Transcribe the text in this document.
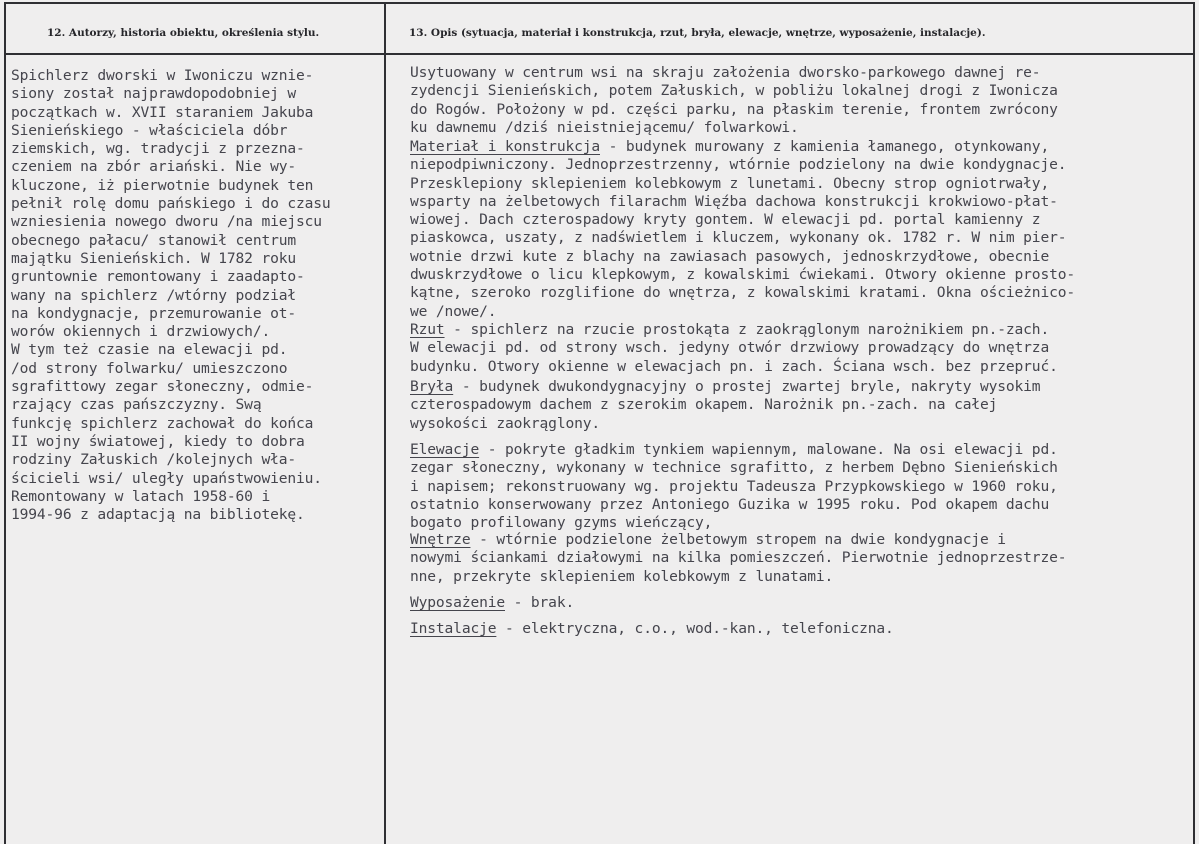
12. Autorzy, historia obiektu, określenia stylu.	13. Opis (sytuacja, materiał i konstrukcja, rzut, bryła, elewacje, wnętrze, wyposażenie, instalacje).
Spichlerz dworski w Iwoniczu wznie-
siony został najprawdopodobniej w
początkach w. XVII staraniem Jakuba
Sienieńskiego - właściciela dóbr
ziemskich, wg. tradycji z przezna-
czeniem na zbór ariański. Nie wy-
kluczone, iż pierwotnie budynek ten
pełnił rolę domu pańskiego i do czasu
wzniesienia nowego dworu /na miejscu
obecnego pałacu/ stanowił centrum
majątku Sienieńskich. W 1782 roku
gruntownie remontowany i zaadapto-
wany na spichlerz /wtórny podział
na kondygnacje, przemurowanie ot-
worów okiennych i drzwiowych/.
W tym też czasie na elewacji pd.
/od strony folwarku/ umieszczono
sgrafittowy zegar słoneczny, odmie-
rzający czas pańszczyzny. Swą
funkcję spichlerz zachował do końca
II wojny światowej, kiedy to dobra
rodziny Załuskich /kolejnych wła-
ścicieli wsi/ uległy upaństwowieniu.
Remontowany w latach 1958-60 i
1994-96 z adaptacją na bibliotekę.
Usytuowany w centrum wsi na skraju założenia dworsko-parkowego dawnej re-
zydencji Sienieńskich, potem Załuskich, w pobliżu lokalnej drogi z Iwonicza
do Rogów. Położony w pd. części parku, na płaskim terenie, frontem zwrócony
ku dawnemu /dziś nieistniejącemu/ folwarkowi.
Materiał i konstrukcja - budynek murowany z kamienia łamanego, otynkowany,
niepodpiwniczony. Jednoprzestrzenny, wtórnie podzielony na dwie kondygnacje.
Przesklepiony sklepieniem kolebkowym z lunetami. Obecny strop ogniotrwały,
wsparty na żelbetowych filarachm Więźba dachowa konstrukcji krokwiowo-płat-
wiowej. Dach czterospadowy kryty gontem. W elewacji pd. portal kamienny z
piaskowca, uszaty, z nadświetlem i kluczem, wykonany ok. 1782 r. W nim pier-
wotnie drzwi kute z blachy na zawiasach pasowych, jednoskrzydłowe, obecnie
dwuskrzydłowe o licu klepkowym, z kowalskimi ćwiekami. Otwory okienne prosto-
kątne, szeroko rozglifione do wnętrza, z kowalskimi kratami. Okna ościeżnico-
we /nowe/.
Rzut - spichlerz na rzucie prostokąta z zaokrąglonym narożnikiem pn.-zach.
W elewacji pd. od strony wsch. jedyny otwór drzwiowy prowadzący do wnętrza
budynku. Otwory okienne w elewacjach pn. i zach. Ściana wsch. bez przepruć.
Bryła - budynek dwukondygnacyjny o prostej zwartej bryle, nakryty wysokim
czterospadowym dachem z szerokim okapem. Narożnik pn.-zach. na całej
wysokości zaokrąglony.
Elewacje - pokryte gładkim tynkiem wapiennym, malowane. Na osi elewacji pd.
zegar słoneczny, wykonany w technice sgrafitto, z herbem Dębno Sienieńskich
i napisem; rekonstruowany wg. projektu Tadeusza Przypkowskiego w 1960 roku,
ostatnio konserwowany przez Antoniego Guzika w 1995 roku. Pod okapem dachu
bogato profilowany gzyms wieńczący,
Wnętrze - wtórnie podzielone żelbetowym stropem na dwie kondygnacje i
nowymi ściankami działowymi na kilka pomieszczeń. Pierwotnie jednoprzestrze-
nne, przekryte sklepieniem kolebkowym z lunatami.
Wyposażenie - brak.
Instalacje - elektryczna, c.o., wod.-kan., telefoniczna.
